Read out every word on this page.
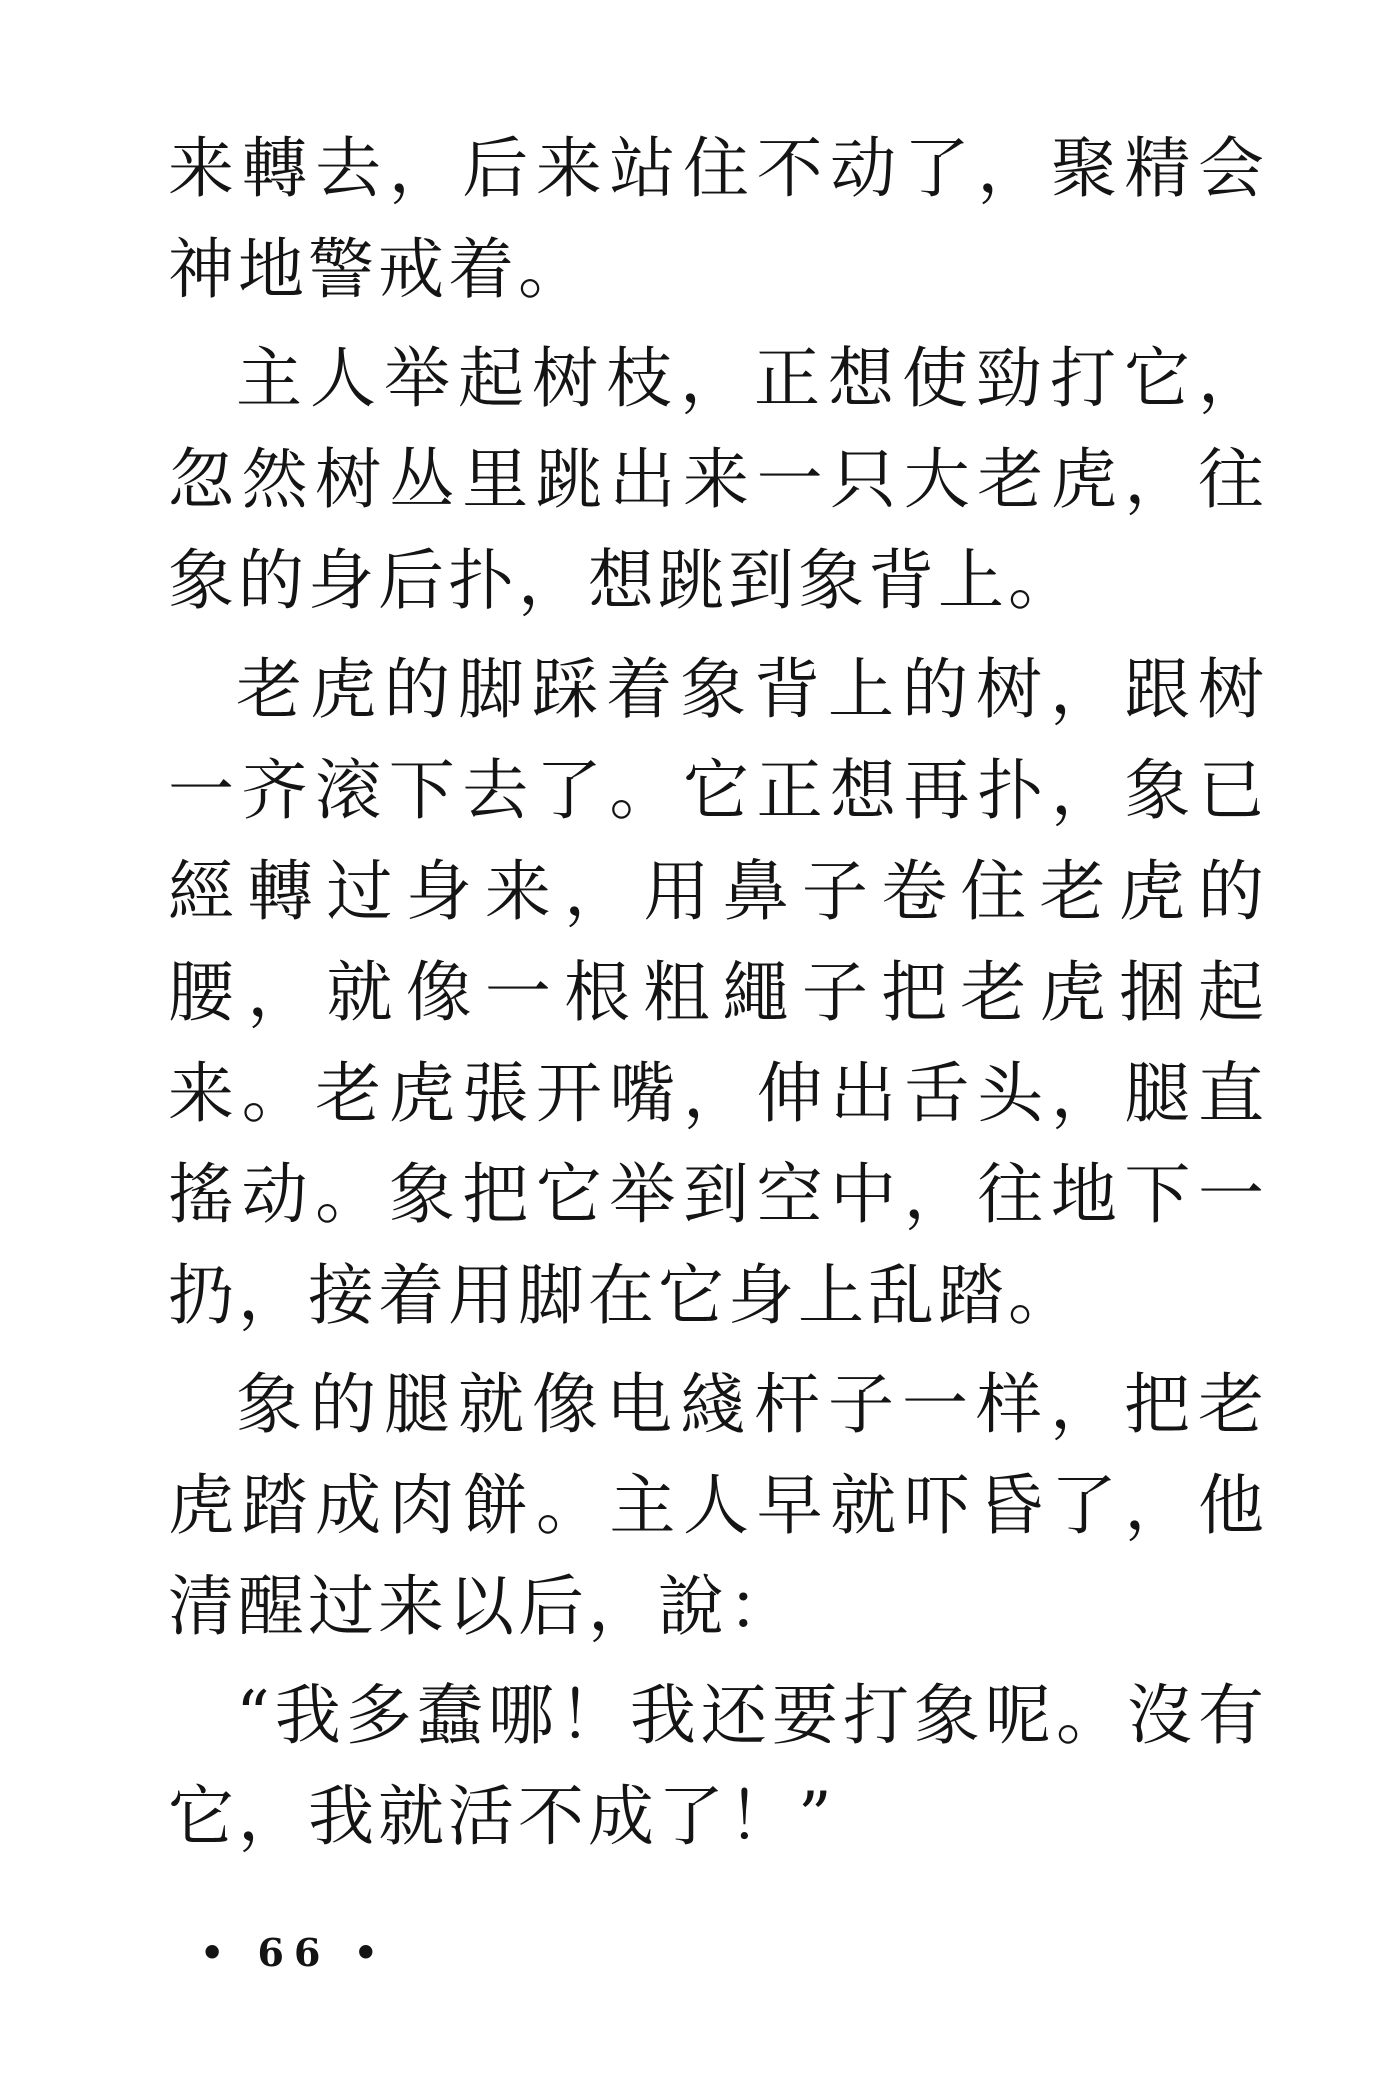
来轉去，后来站住不动了，聚精会神地警戒着。

主人举起树枝，正想使勁打它，忽然树丛里跳出来一只大老虎，往象的身后扑，想跳到象背上。

老虎的脚踩着象背上的树，跟树一齐滚下去了。它正想再扑，象已經轉过身来，用鼻子卷住老虎的腰，就像一根粗繩子把老虎捆起来。老虎張开嘴，伸出舌头，腿直搖动。象把它举到空中，往地下一扔，接着用脚在它身上乱踏。

象的腿就像电綫杆子一样，把老虎踏成肉餅。主人早就吓昏了，他清醒过来以后，說：

“我多蠢哪！我还要打象呢。沒有它，我就活不成了！”

• 66 •
